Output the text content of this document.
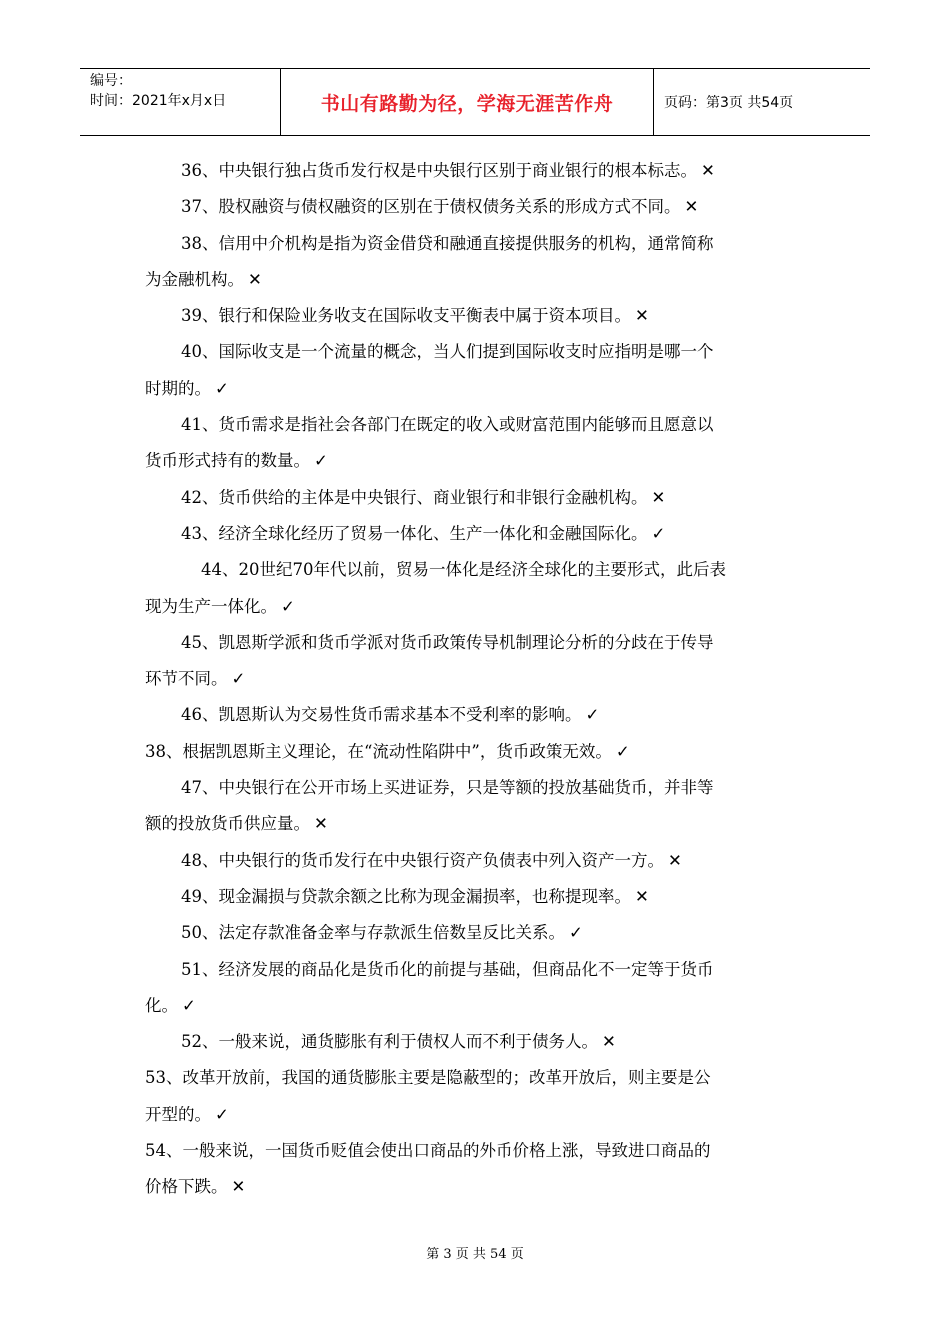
编号：
时间：2021年x月x日	书山有路勤为径，学海无涯苦作舟	页码：第3页 共54页
36、中央银行独占货币发行权是中央银行区别于商业银行的根本标志。 ✕
37、股权融资与债权融资的区别在于债权债务关系的形成方式不同。 ✕
38、信用中介机构是指为资金借贷和融通直接提供服务的机构，通常简称
为金融机构。 ✕
39、银行和保险业务收支在国际收支平衡表中属于资本项目。 ✕
40、国际收支是一个流量的概念，当人们提到国际收支时应指明是哪一个
时期的。 ✓
41、货币需求是指社会各部门在既定的收入或财富范围内能够而且愿意以
货币形式持有的数量。 ✓
42、货币供给的主体是中央银行、商业银行和非银行金融机构。 ✕
43、经济全球化经历了贸易一体化、生产一体化和金融国际化。 ✓
44、20世纪70年代以前，贸易一体化是经济全球化的主要形式，此后表
现为生产一体化。 ✓
45、凯恩斯学派和货币学派对货币政策传导机制理论分析的分歧在于传导
环节不同。 ✓
46、凯恩斯认为交易性货币需求基本不受利率的影响。 ✓
38、根据凯恩斯主义理论，在“流动性陷阱中”，货币政策无效。 ✓
47、中央银行在公开市场上买进证券，只是等额的投放基础货币，并非等
额的投放货币供应量。 ✕
48、中央银行的货币发行在中央银行资产负债表中列入资产一方。 ✕
49、现金漏损与贷款余额之比称为现金漏损率，也称提现率。 ✕
50、法定存款准备金率与存款派生倍数呈反比关系。 ✓
51、经济发展的商品化是货币化的前提与基础，但商品化不一定等于货币
化。 ✓
52、一般来说，通货膨胀有利于债权人而不利于债务人。 ✕
53、改革开放前，我国的通货膨胀主要是隐蔽型的；改革开放后，则主要是公
开型的。 ✓
54、一般来说，一国货币贬值会使出口商品的外币价格上涨，导致进口商品的
价格下跌。 ✕
第 3 页 共 54 页
